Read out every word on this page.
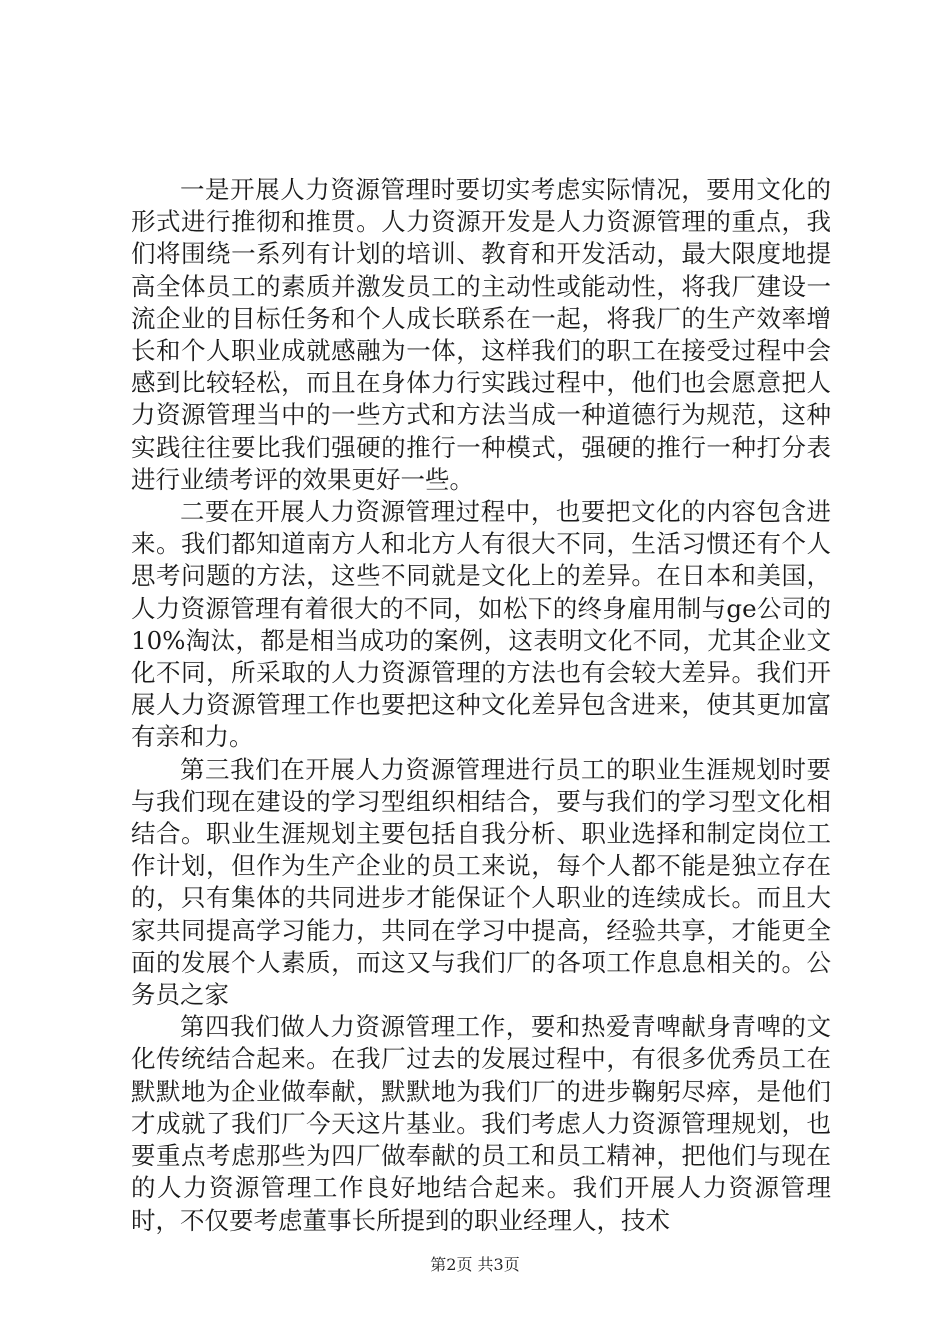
一是开展人力资源管理时要切实考虑实际情况，要用文化的形式进行推彻和推贯。人力资源开发是人力资源管理的重点，我们将围绕一系列有计划的培训、教育和开发活动，最大限度地提高全体员工的素质并激发员工的主动性或能动性，将我厂建设一流企业的目标任务和个人成长联系在一起，将我厂的生产效率增长和个人职业成就感融为一体，这样我们的职工在接受过程中会感到比较轻松，而且在身体力行实践过程中，他们也会愿意把人力资源管理当中的一些方式和方法当成一种道德行为规范，这种实践往往要比我们强硬的推行一种模式，强硬的推行一种打分表进行业绩考评的效果更好一些。

二要在开展人力资源管理过程中，也要把文化的内容包含进来。我们都知道南方人和北方人有很大不同，生活习惯还有个人思考问题的方法，这些不同就是文化上的差异。在日本和美国，人力资源管理有着很大的不同，如松下的终身雇用制与ge公司的10%淘汰，都是相当成功的案例，这表明文化不同，尤其企业文化不同，所采取的人力资源管理的方法也有会较大差异。我们开展人力资源管理工作也要把这种文化差异包含进来，使其更加富有亲和力。

第三我们在开展人力资源管理进行员工的职业生涯规划时要与我们现在建设的学习型组织相结合，要与我们的学习型文化相结合。职业生涯规划主要包括自我分析、职业选择和制定岗位工作计划，但作为生产企业的员工来说，每个人都不能是独立存在的，只有集体的共同进步才能保证个人职业的连续成长。而且大家共同提高学习能力，共同在学习中提高，经验共享，才能更全面的发展个人素质，而这又与我们厂的各项工作息息相关的。公务员之家

第四我们做人力资源管理工作，要和热爱青啤献身青啤的文化传统结合起来。在我厂过去的发展过程中，有很多优秀员工在默默地为企业做奉献，默默地为我们厂的进步鞠躬尽瘁，是他们才成就了我们厂今天这片基业。我们考虑人力资源管理规划，也要重点考虑那些为四厂做奉献的员工和员工精神，把他们与现在的人力资源管理工作良好地结合起来。我们开展人力资源管理时，不仅要考虑董事长所提到的职业经理人，技术

第2页 共3页
